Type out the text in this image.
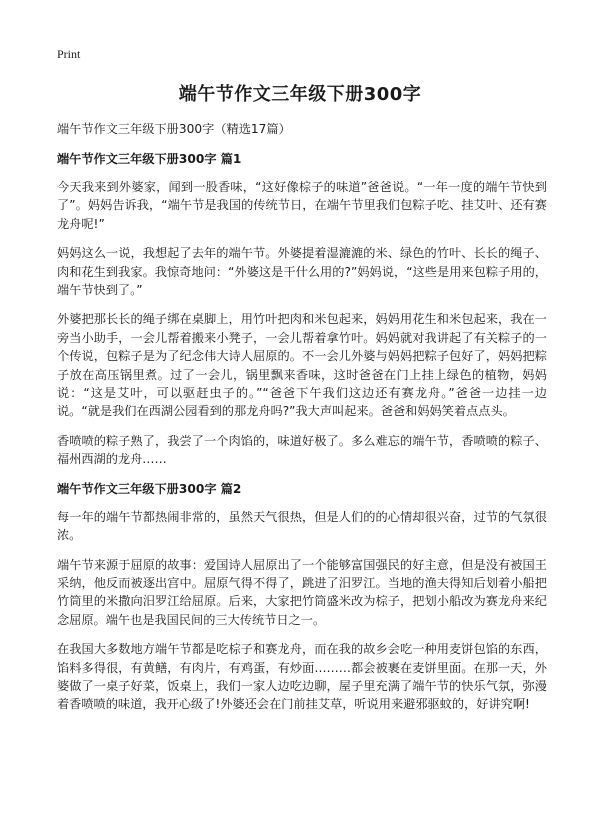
Print
端午节作文三年级下册300字

端午节作文三年级下册300字（精选17篇）

端午节作文三年级下册300字 篇1

今天我来到外婆家，闻到一股香味，“这好像棕子的味道”爸爸说。“一年一度的端午节快到了”。妈妈告诉我，“端午节是我国的传统节日，在端午节里我们包粽子吃、挂艾叶、还有赛龙舟呢!”

妈妈这么一说，我想起了去年的端午节。外婆提着湿漉漉的米、绿色的竹叶、长长的绳子、肉和花生到我家。我惊奇地问：“外婆这是干什么用的?”妈妈说，“这些是用来包粽子用的，端午节快到了。”

外婆把那长长的绳子绑在桌脚上，用竹叶把肉和米包起来，妈妈用花生和米包起来，我在一旁当小助手，一会儿帮着搬来小凳子，一会儿帮着拿竹叶。妈妈就对我讲起了有关粽子的一个传说，包粽子是为了纪念伟大诗人屈原的。不一会儿外婆与妈妈把粽子包好了，妈妈把粽子放在高压锅里煮。过了一会儿，锅里飘来香味，这时爸爸在门上挂上绿色的植物，妈妈说：“这是艾叶，可以驱赶虫子的。”“爸爸下午我们这边还有赛龙舟。”爸爸一边挂一边说。“就是我们在西湖公园看到的那龙舟吗?”我大声叫起来。爸爸和妈妈笑着点点头。

香喷喷的粽子熟了，我尝了一个肉馅的，味道好极了。多么难忘的端午节，香喷喷的粽子、福州西湖的龙舟……

端午节作文三年级下册300字 篇2

每一年的端午节都热闹非常的，虽然天气很热，但是人们的的心情却很兴奋，过节的气氛很浓。

端午节来源于屈原的故事：爱国诗人屈原出了一个能够富国强民的好主意，但是没有被国王采纳，他反而被逐出宫中。屈原气得不得了，跳进了汨罗江。当地的渔夫得知后划着小船把竹筒里的米撒向汨罗江给屈原。后来，大家把竹筒盛米改为棕子，把划小船改为赛龙舟来纪念屈原。端午也是我国民间的三大传统节日之一。

在我国大多数地方端午节都是吃棕子和赛龙舟，而在我的故乡会吃一种用麦饼包馅的东西，馅料多得很，有黄鳝，有肉片，有鸡蛋，有炒面………都会被裹在麦饼里面。在那一天，外婆做了一桌子好菜，饭桌上，我们一家人边吃边聊，屋子里充满了端午节的快乐气氛，弥漫着香喷喷的味道，我开心级了!外婆还会在门前挂艾草，听说用来避邪驱蚊的，好讲究啊!
